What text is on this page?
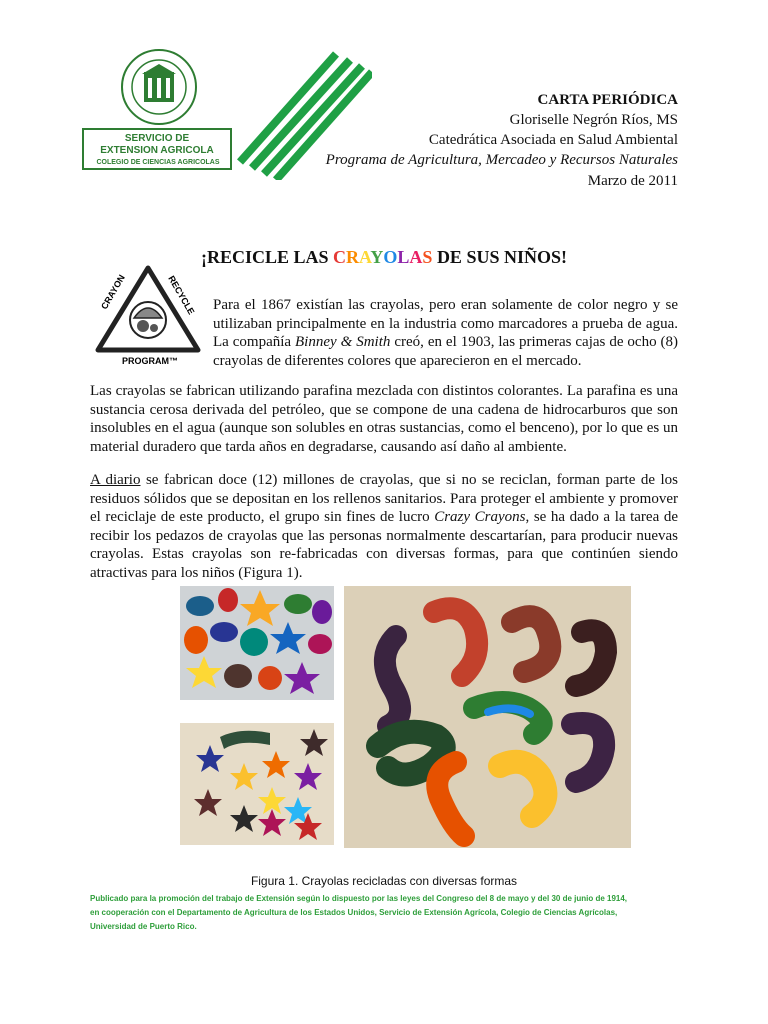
SERVICIO DE
EXTENSION AGRICOLA
COLEGIO DE CIENCIAS AGRICOLAS
CARTA PERIÓDICA
Gloriselle Negrón Ríos, MS
Catedrática Asociada en Salud Ambiental
Programa de Agricultura, Mercadeo y Recursos Naturales
Marzo de 2011
¡RECICLE LAS CRAYOLAS DE SUS NIÑOS!
CRAYON	RECYCLE
PROGRAM™
Para el 1867 existían las crayolas, pero eran solamente de color negro y se utilizaban principalmente en la industria como marcadores a prueba de agua. La compañía Binney & Smith creó, en el 1903, las primeras cajas de ocho (8) crayolas de diferentes colores que aparecieron en el mercado.
Las crayolas se fabrican utilizando parafina mezclada con distintos colorantes. La parafina es una sustancia cerosa derivada del petróleo, que se compone de una cadena de hidrocarburos que son insolubles en el agua (aunque son solubles en otras sustancias, como el benceno), por lo que es un material duradero que tarda años en degradarse, causando así daño al ambiente.
A diario se fabrican doce (12) millones de crayolas, que si no se reciclan, forman parte de los residuos sólidos que se depositan en los rellenos sanitarios. Para proteger el ambiente y promover el reciclaje de este producto, el grupo sin fines de lucro Crazy Crayons, se ha dado a la tarea de recibir los pedazos de crayolas que las personas normalmente descartarían, para producir nuevas crayolas. Estas crayolas son re-fabricadas con diversas formas, para que continúen siendo atractivas para los niños (Figura 1).
Figura 1. Crayolas recicladas con diversas formas
Publicado para la promoción del trabajo de Extensión según lo dispuesto por las leyes del Congreso del 8 de mayo y del 30 de junio de 1914,
en cooperación con el Departamento de Agricultura de los Estados Unidos, Servicio de Extensión Agrícola, Colegio de Ciencias Agrícolas,
Universidad de Puerto Rico.
